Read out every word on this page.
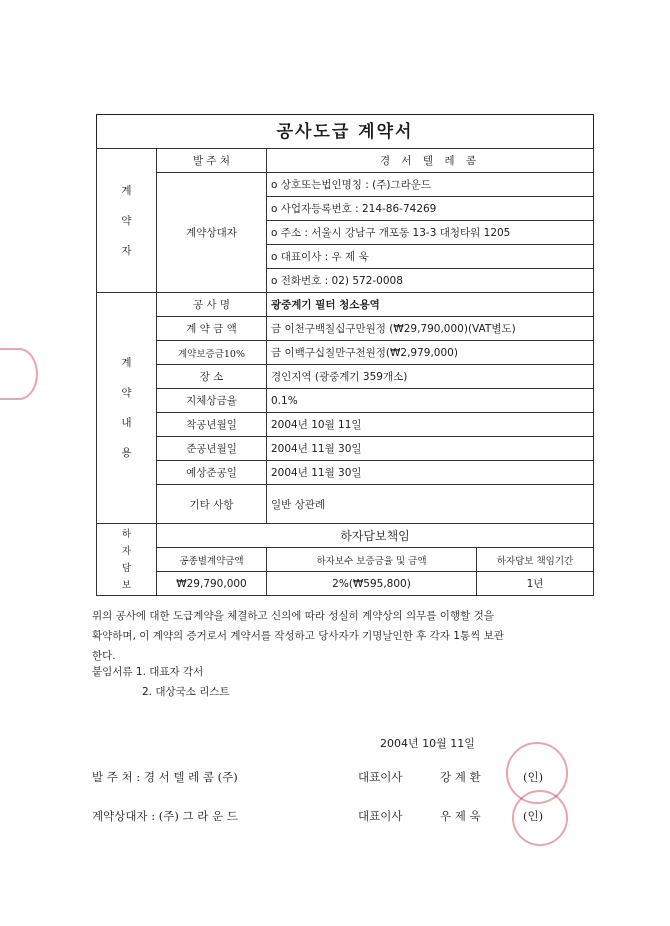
공사도급 계약서
계
약
자	발 주 처	경 서 텔 레 콤	
	계약상대자	o 상호또는법인명칭 : (주)그라운드	
		o 사업자등록번호 : 214-86-74269	
		o 주소 : 서울시 강남구 개포동 13-3 대청타워 1205	
		o 대표이사 : 우 제 욱	
		o 전화번호 : 02) 572-0008	
계
약
내
용	공 사 명	광중계기 필터 청소용역	
	계 약 금 액	금 이천구백칠십구만원정 (₩29,790,000)(VAT별도)	
	계약보증금10%	금 이백구십칠만구천원정(₩2,979,000)	
	장 소	경인지역 (광중계기 359개소)	
	지체상금율	0.1%	
	착공년월일	2004년 10월 11일	
	준공년월일	2004년 11월 30일	
	예상준공일	2004년 11월 30일	
	기타 사항	일반 상관례	
하
자
담
보	하자담보책임		
	공종별계약금액	하자보수 보증금율 및 금액	하자담보 책임기간
	₩29,790,000	2%(₩595,800)	1년
위의 공사에 대한 도급계약을 체결하고 신의에 따라 성실히 계약상의 의무를 이행할 것을
확약하며, 이 계약의 증거로서 계약서를 작성하고 당사자가 기명날인한 후 각자 1통씩 보관
한다.
붙임서류 1. 대표자 각서
2. 대상국소 리스트
2004년 10월 11일
발 주 처 : 경 서 텔 레 콤 (주)	대표이사	강 계 환	(인)
계약상대자 : (주) 그 라 운 드	대표이사	우 제 욱	(인)
